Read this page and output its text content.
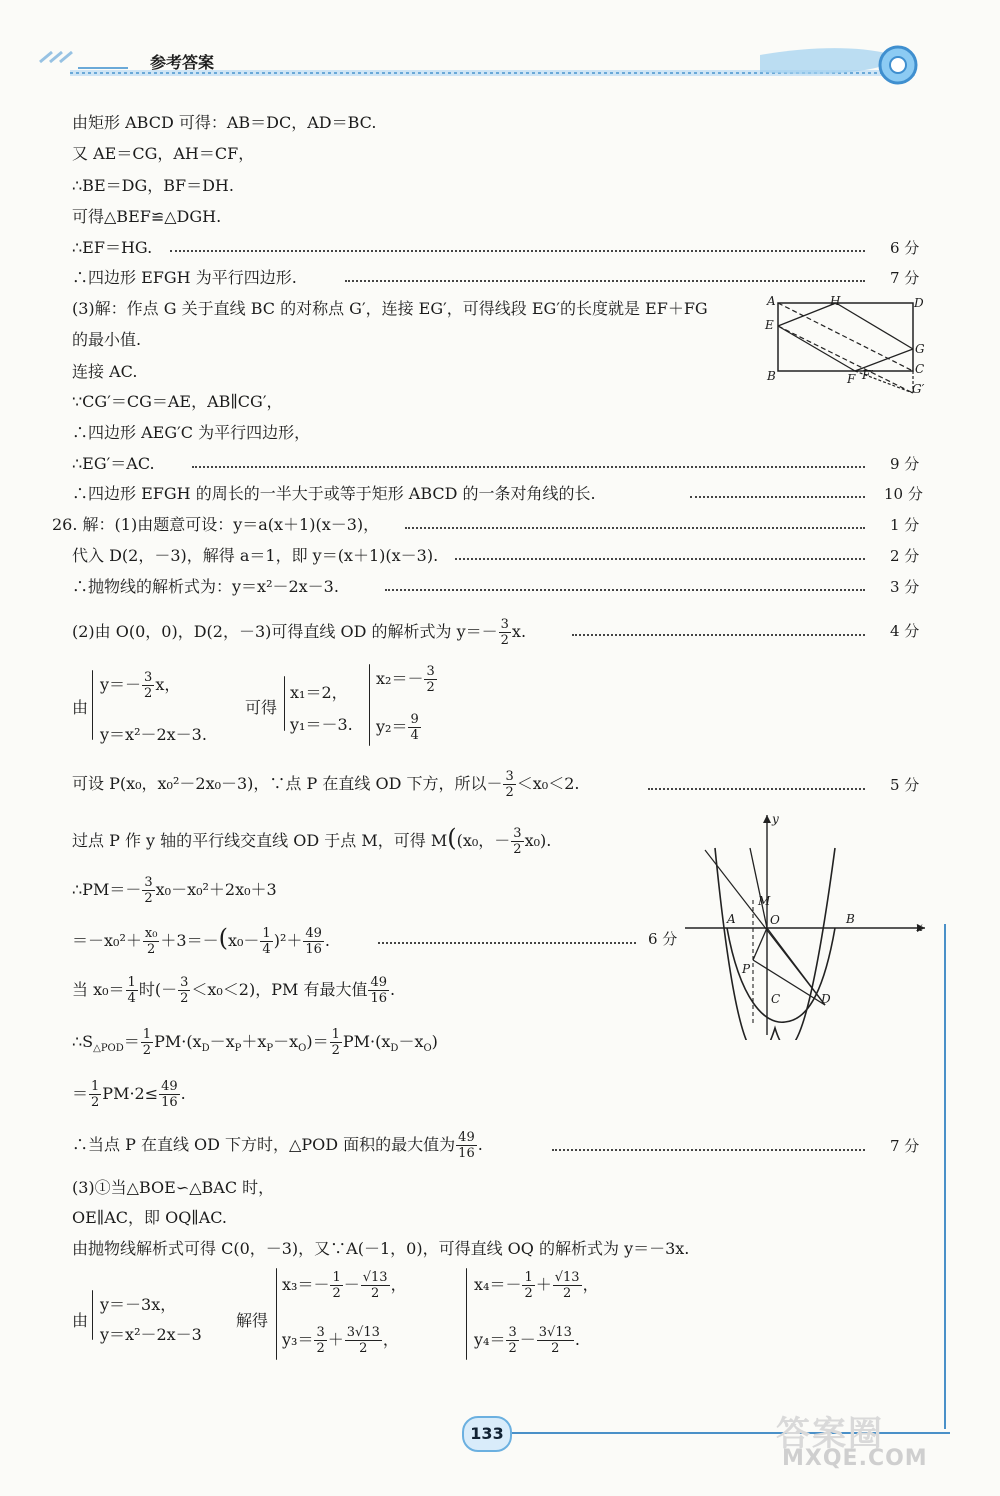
参考答案
由矩形 ABCD 可得：AB＝DC，AD＝BC.
又 AE＝CG，AH＝CF，
∴BE＝DG，BF＝DH.
可得△BEF≌△DGH.
∴EF＝HG.	6 分
∴四边形 EFGH 为平行四边形.	7 分
(3)解：作点 G 关于直线 BC 的对称点 G′，连接 EG′，可得线段 EG′的长度就是 EF＋FG
的最小值.
连接 AC.
∵CG′＝CG＝AE，AB∥CG′，
∴四边形 AEG′C 为平行四边形，
∴EG′＝AC.	9 分
∴四边形 EFGH 的周长的一半大于或等于矩形 ABCD 的一条对角线的长.	10 分
A	H	D
E
G
C
B	F F′
G′
26. 解：(1)由题意可设：y＝a(x＋1)(x－3)，	1 分
代入 D(2，－3)，解得 a＝1，即 y＝(x＋1)(x－3).	2 分
∴抛物线的解析式为：y＝x²－2x－3.	3 分
(2)由 O(0，0)，D(2，－3)可得直线 OD 的解析式为 $y=- \frac{3}{2} x$.	4 分
由
$y=- \frac{3}{2}$ x，
y＝x²－2x－3.
可得
x₁＝2，
y₁＝－3.
$x_2=- \frac{3}{2}$
$y_2= \frac{9}{4}$
可设 P(x₀，x₀²－2x₀－3)，∵点 P 在直线 OD 下方，所以－ $\frac{3}{2} <x_0<2$.	5 分
过点 P 作 y 轴的平行线交直线 OD 于点 M，可得 M((x₀，－ $\frac{3}{2} x_0$).
∴PM＝－ $\frac{3}{2} x_0-x_0^2+2x_0+3$
$=-x_0^2+ \frac{\text{x₀}}{2} +3=-(x_0- \frac{1}{4} )^2+ \frac{49}{16}$ .	6 分
当 $x_0= \frac{1}{4}$ 时(－ $\frac{3}{2} <x_0<2$)，PM 有最大值 $\frac{49}{16}$ .
$\therefore S_{\triangle POD}= \frac{1}{2} PM\cdot(x_D-x_P+x_P-x_O)= \frac{1}{2} PM\cdot(x_D-x_O)$
＝ $\frac{1}{2} PM\cdot 2\le \frac{49}{16}$ .
∴当点 P 在直线 OD 下方时，△POD 面积的最大值为 $\frac{49}{16}$ .	7 分
(3)①当△BOE∽△BAC 时，
OE∥AC，即 OQ∥AC.
由抛物线解析式可得 C(0，－3)，又∵A(－1，0)，可得直线 OQ 的解析式为 y＝－3x.
由
y＝－3x，
y＝x²－2x－3
解得
$x_3=- \frac{1}{2} - \frac{√13}{2}$ ，
$y_3= \frac{3}{2} + \frac{3√13}{2}$ ，
$x_4=- \frac{1}{2} + \frac{√13}{2}$ ，
$y_4= \frac{3}{2} - \frac{3√13}{2}$ .
y
x
A	O	B
M
P
C	D
133	答案圈
MXQE.COM
